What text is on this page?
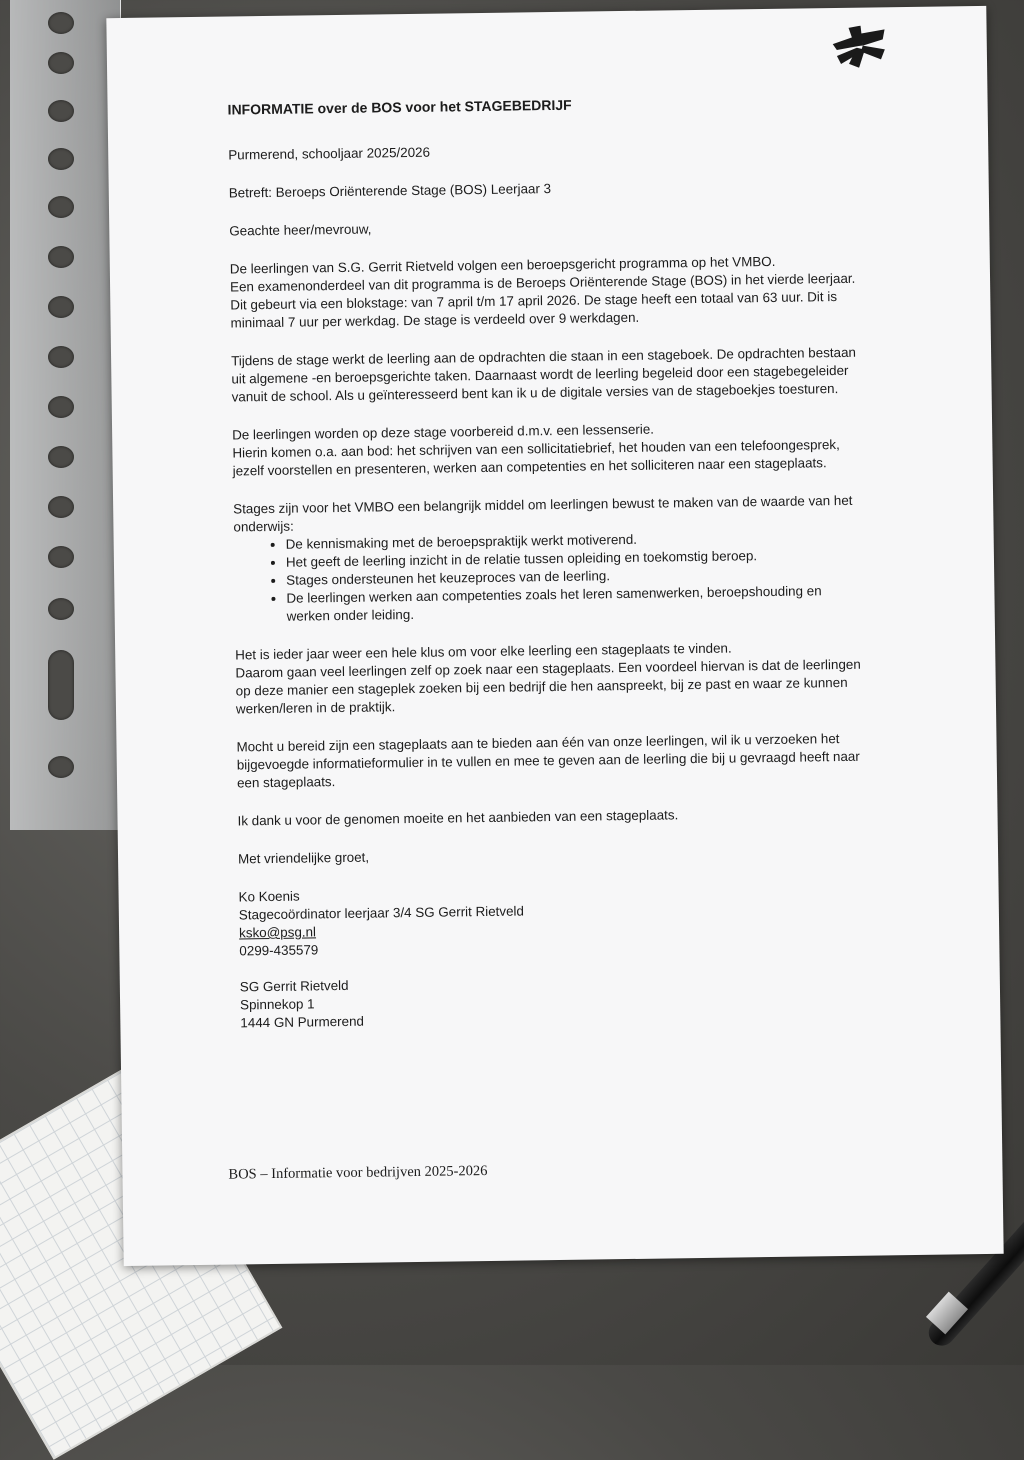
INFORMATIE over de BOS voor het STAGEBEDRIJF
Purmerend, schooljaar 2025/2026
Betreft: Beroeps Oriënterende Stage (BOS) Leerjaar 3
Geachte heer/mevrouw,
De leerlingen van S.G. Gerrit Rietveld volgen een beroepsgericht programma op het VMBO.
Een examenonderdeel van dit programma is de Beroeps Oriënterende Stage (BOS) in het vierde leerjaar.
Dit gebeurt via een blokstage: van 7 april t/m 17 april 2026. De stage heeft een totaal van 63 uur. Dit is
minimaal 7 uur per werkdag. De stage is verdeeld over 9 werkdagen.
Tijdens de stage werkt de leerling aan de opdrachten die staan in een stageboek. De opdrachten bestaan
uit algemene -en beroepsgerichte taken. Daarnaast wordt de leerling begeleid door een stagebegeleider
vanuit de school. Als u geïnteresseerd bent kan ik u de digitale versies van de stageboekjes toesturen.
De leerlingen worden op deze stage voorbereid d.m.v. een lessenserie.
Hierin komen o.a. aan bod: het schrijven van een sollicitatiebrief, het houden van een telefoongesprek,
jezelf voorstellen en presenteren, werken aan competenties en het solliciteren naar een stageplaats.
Stages zijn voor het VMBO een belangrijk middel om leerlingen bewust te maken van de waarde van het
onderwijs:
• De kennismaking met de beroepspraktijk werkt motiverend.
• Het geeft de leerling inzicht in de relatie tussen opleiding en toekomstig beroep.
• Stages ondersteunen het keuzeproces van de leerling.
• De leerlingen werken aan competenties zoals het leren samenwerken, beroepshouding en
werken onder leiding.
Het is ieder jaar weer een hele klus om voor elke leerling een stageplaats te vinden.
Daarom gaan veel leerlingen zelf op zoek naar een stageplaats. Een voordeel hiervan is dat de leerlingen
op deze manier een stageplek zoeken bij een bedrijf die hen aanspreekt, bij ze past en waar ze kunnen
werken/leren in de praktijk.
Mocht u bereid zijn een stageplaats aan te bieden aan één van onze leerlingen, wil ik u verzoeken het
bijgevoegde informatieformulier in te vullen en mee te geven aan de leerling die bij u gevraagd heeft naar
een stageplaats.
Ik dank u voor de genomen moeite en het aanbieden van een stageplaats.
Met vriendelijke groet,
Ko Koenis
Stagecoördinator leerjaar 3/4 SG Gerrit Rietveld
ksko@psg.nl
0299-435579
SG Gerrit Rietveld
Spinnekop 1
1444 GN Purmerend
BOS – Informatie voor bedrijven 2025-2026
